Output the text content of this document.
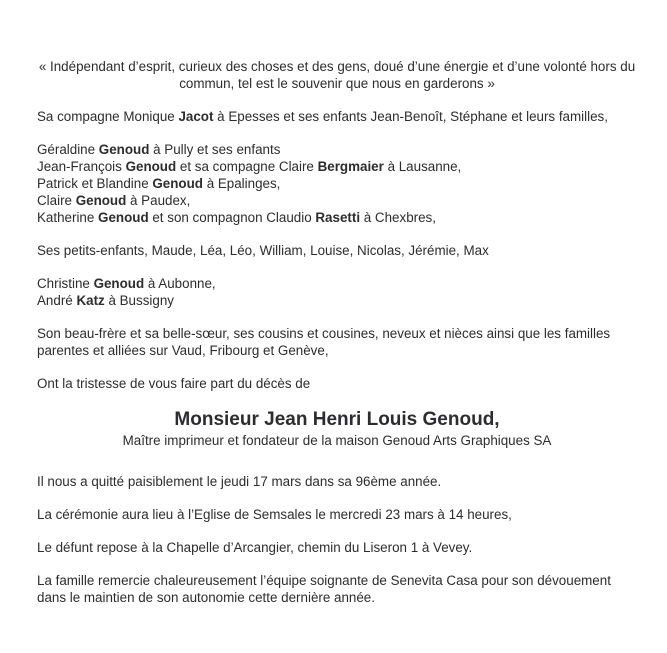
« Indépendant d’esprit, curieux des choses et des gens, doué d’une énergie et d’une volonté hors du commun, tel est le souvenir que nous en garderons »

Sa compagne Monique Jacot à Epesses et ses enfants Jean-Benoît, Stéphane et leurs familles,
Géraldine Genoud à Pully et ses enfants
Jean-François Genoud et sa compagne Claire Bergmaier à Lausanne,
Patrick et Blandine Genoud à Epalinges,
Claire Genoud à Paudex,
Katherine Genoud et son compagnon Claudio Rasetti à Chexbres,

Ses petits-enfants, Maude, Léa, Léo, William, Louise, Nicolas, Jérémie, Max

Christine Genoud à Aubonne,
André Katz à Bussigny

Son beau-frère et sa belle-sœur, ses cousins et cousines, neveux et nièces ainsi que les familles parentes et alliées sur Vaud, Fribourg et Genève,

Ont la tristesse de vous faire part du décès de

Monsieur Jean Henri Louis Genoud,
Maître imprimeur et fondateur de la maison Genoud Arts Graphiques SA

Il nous a quitté paisiblement le jeudi 17 mars dans sa 96ème année.

La cérémonie aura lieu à l’Eglise de Semsales le mercredi 23 mars à 14 heures,

Le défunt repose à la Chapelle d’Arcangier, chemin du Liseron 1 à Vevey.

La famille remercie chaleureusement l’équipe soignante de Senevita Casa pour son dévouement dans le maintien de son autonomie cette dernière année.
